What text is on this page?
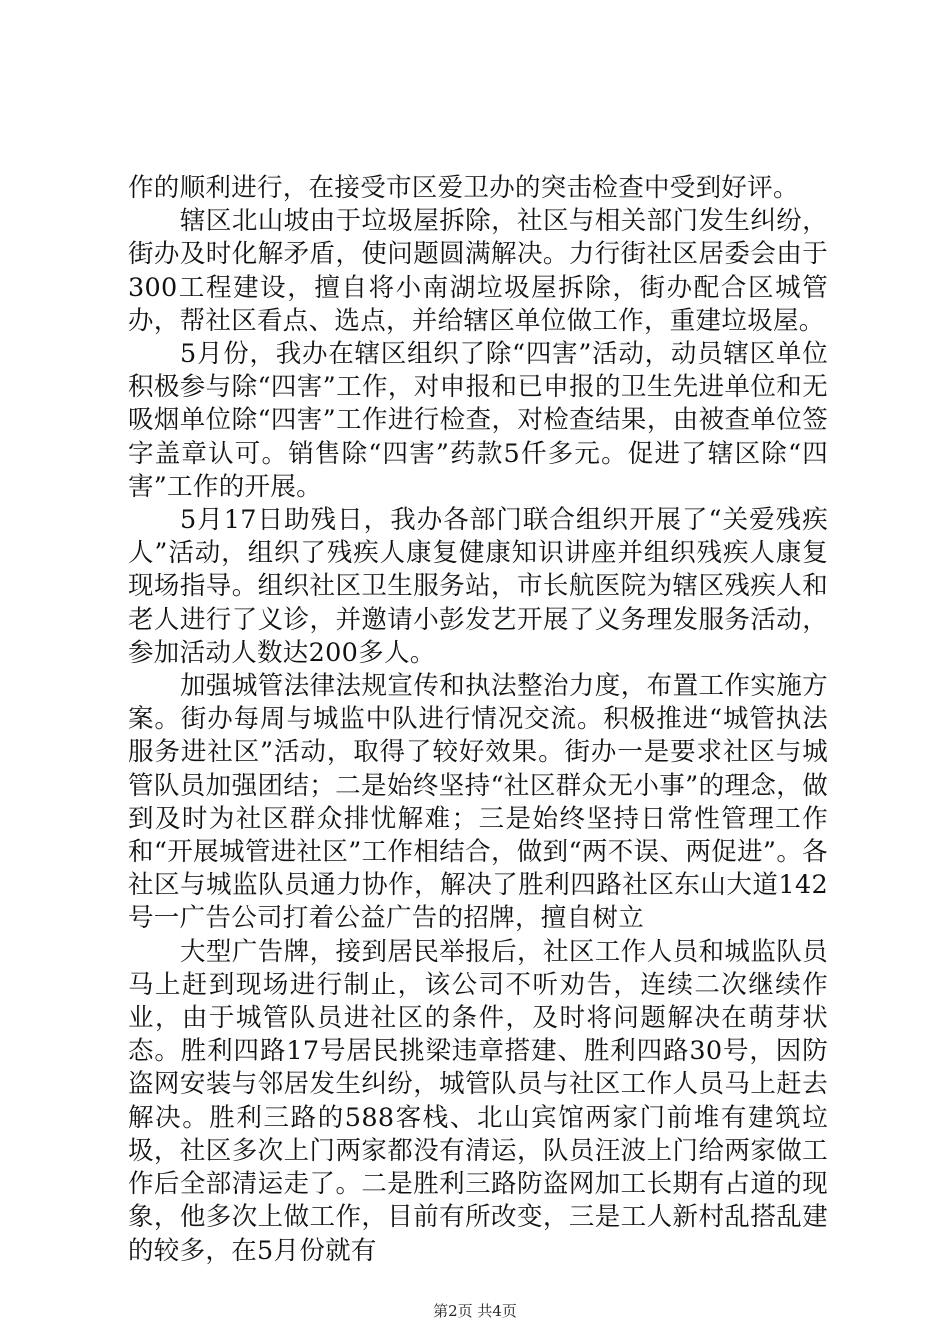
作的顺利进行，在接受市区爱卫办的突击检查中受到好评。

辖区北山坡由于垃圾屋拆除，社区与相关部门发生纠纷，街办及时化解矛盾，使问题圆满解决。力行街社区居委会由于300工程建设，擅自将小南湖垃圾屋拆除，街办配合区城管办，帮社区看点、选点，并给辖区单位做工作，重建垃圾屋。

5月份，我办在辖区组织了除“四害”活动，动员辖区单位积极参与除“四害”工作，对申报和已申报的卫生先进单位和无吸烟单位除“四害”工作进行检查，对检查结果，由被查单位签字盖章认可。销售除“四害”药款5仟多元。促进了辖区除“四害”工作的开展。

5月17日助残日，我办各部门联合组织开展了“关爱残疾人”活动，组织了残疾人康复健康知识讲座并组织残疾人康复现场指导。组织社区卫生服务站，市长航医院为辖区残疾人和老人进行了义诊，并邀请小彭发艺开展了义务理发服务活动，参加活动人数达200多人。

加强城管法律法规宣传和执法整治力度，布置工作实施方案。街办每周与城监中队进行情况交流。积极推进“城管执法服务进社区”活动，取得了较好效果。街办一是要求社区与城管队员加强团结；二是始终坚持“社区群众无小事”的理念，做到及时为社区群众排忧解难；三是始终坚持日常性管理工作和“开展城管进社区”工作相结合，做到“两不误、两促进”。各社区与城监队员通力协作，解决了胜利四路社区东山大道142号一广告公司打着公益广告的招牌，擅自树立

大型广告牌，接到居民举报后，社区工作人员和城监队员马上赶到现场进行制止，该公司不听劝告，连续二次继续作业，由于城管队员进社区的条件，及时将问题解决在萌芽状态。胜利四路17号居民挑梁违章搭建、胜利四路30号，因防盗网安装与邻居发生纠纷，城管队员与社区工作人员马上赶去解决。胜利三路的588客栈、北山宾馆两家门前堆有建筑垃圾，社区多次上门两家都没有清运，队员汪波上门给两家做工作后全部清运走了。二是胜利三路防盗网加工长期有占道的现象，他多次上做工作，目前有所改变，三是工人新村乱搭乱建的较多，在5月份就有

第2页 共4页
